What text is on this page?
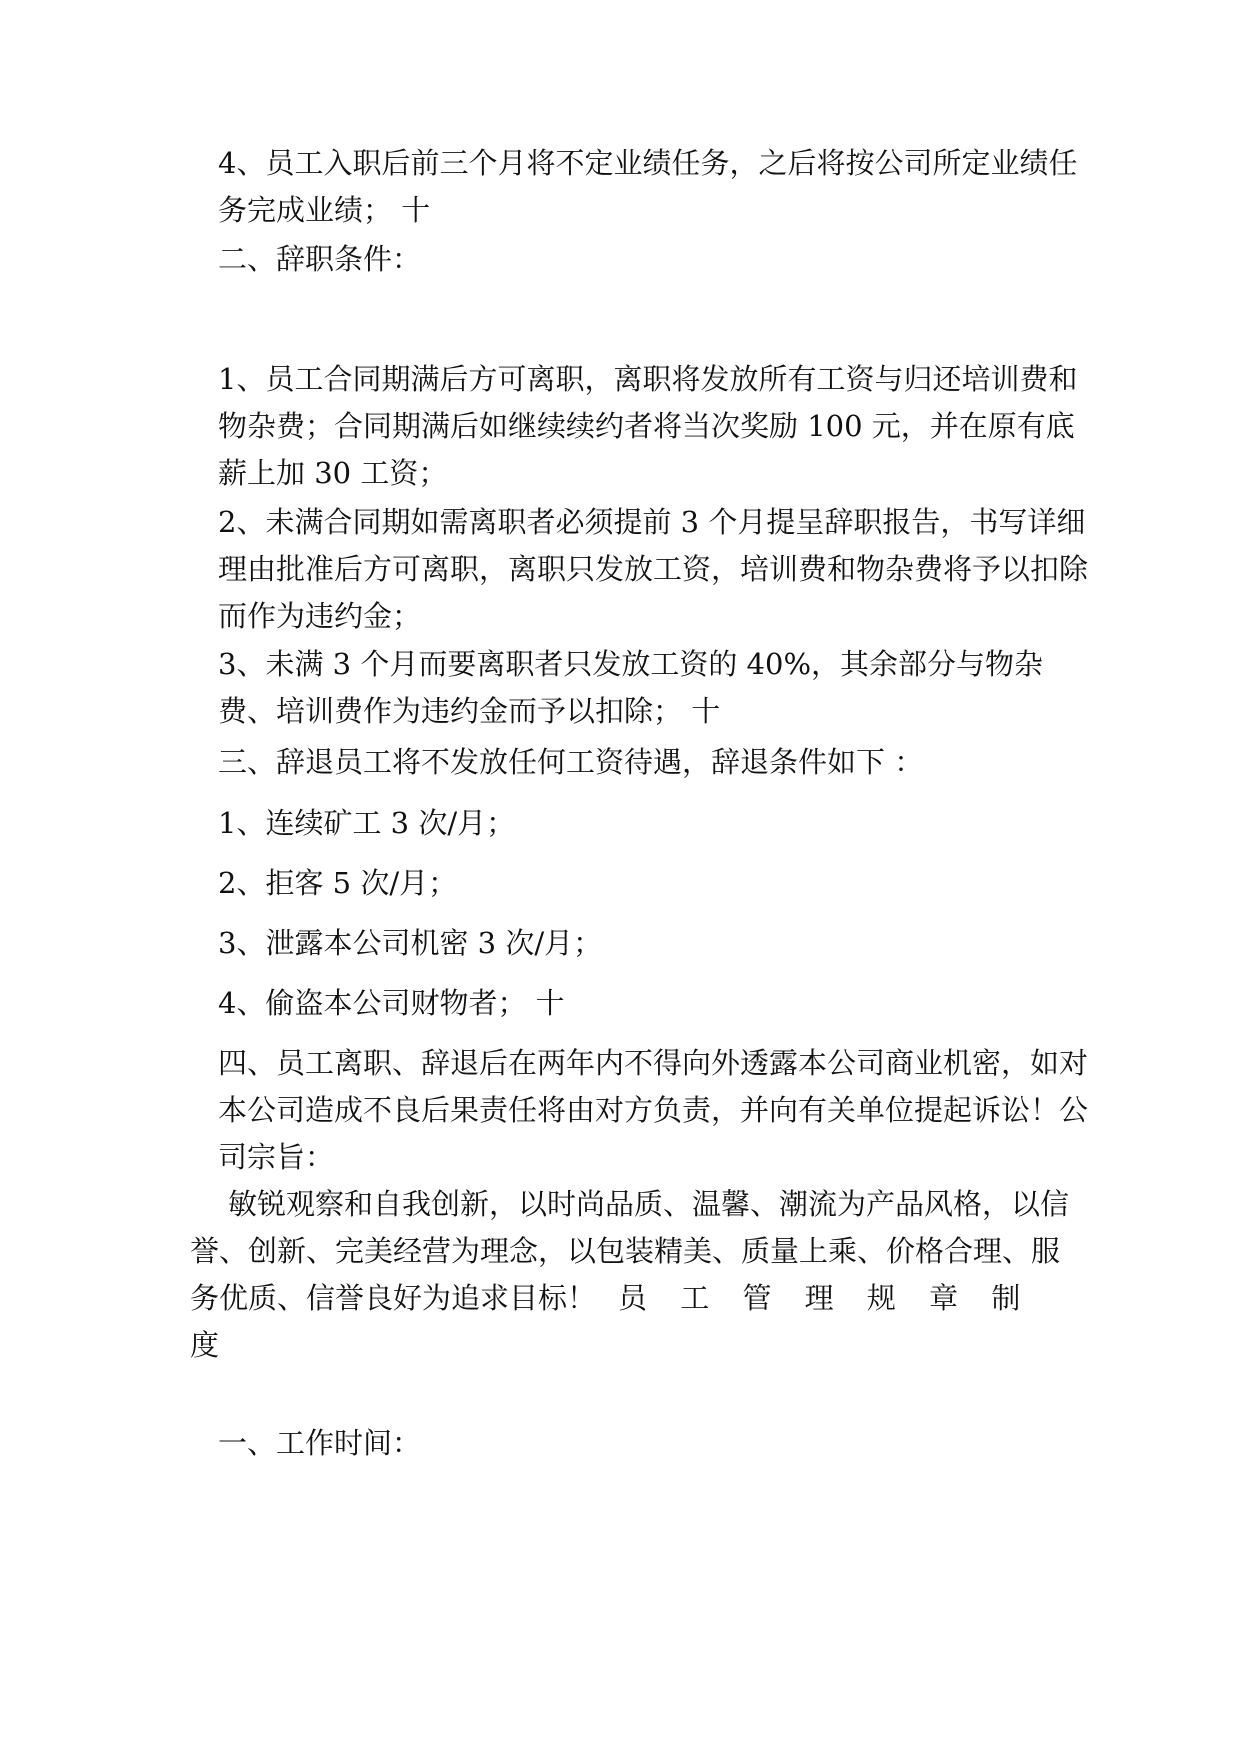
4、员工入职后前三个月将不定业绩任务，之后将按公司所定业绩任务完成业绩； 十

二、辞职条件：

1、员工合同期满后方可离职，离职将发放所有工资与归还培训费和物杂费；合同期满后如继续续约者将当次奖励 100 元，并在原有底薪上加 30 工资；

2、未满合同期如需离职者必须提前 3 个月提呈辞职报告，书写详细理由批准后方可离职，离职只发放工资，培训费和物杂费将予以扣除而作为违约金；

3、未满 3 个月而要离职者只发放工资的 40%，其余部分与物杂费、培训费作为违约金而予以扣除； 十

三、辞退员工将不发放任何工资待遇，辞退条件如下 ：

1、连续矿工 3 次/月；

2、拒客 5 次/月；

3、泄露本公司机密 3 次/月；

4、偷盗本公司财物者； 十

四、员工离职、辞退后在两年内不得向外透露本公司商业机密，如对本公司造成不良后果责任将由对方负责，并向有关单位提起诉讼！公司宗旨：

敏锐观察和自我创新，以时尚品质、温馨、潮流为产品风格，以信誉、创新、完美经营为理念，以包装精美、质量上乘、价格合理、服务优质、信誉良好为追求目标！ 员 工 管 理 规 章 制 度

一、工作时间：
